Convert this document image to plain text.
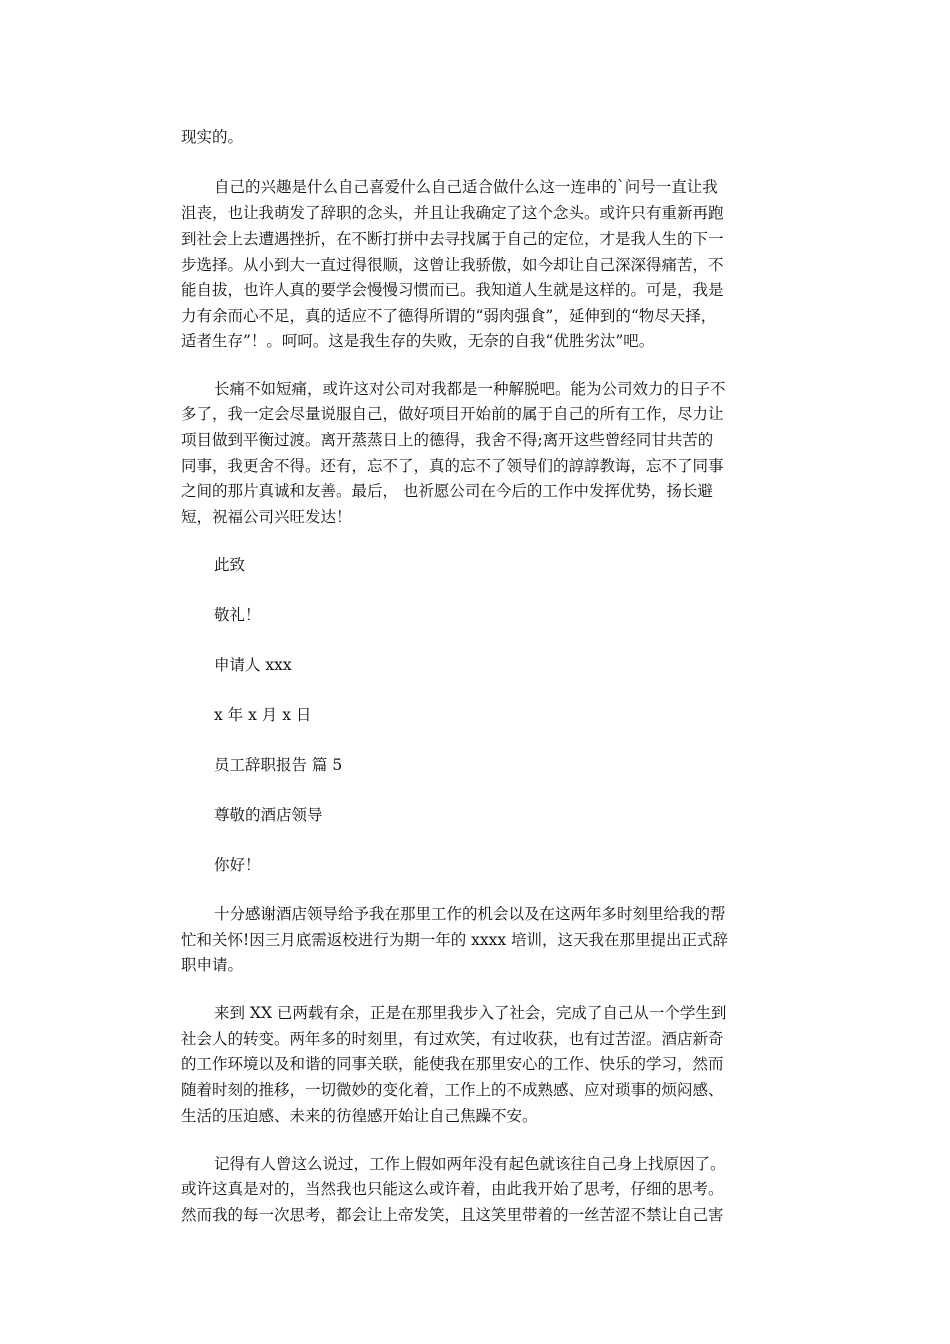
现实的。
自己的兴趣是什么自己喜爱什么自己适合做什么这一连串的`问号一直让我
沮丧，也让我萌发了辞职的念头，并且让我确定了这个念头。或许只有重新再跑
到社会上去遭遇挫折，在不断打拼中去寻找属于自己的定位，才是我人生的下一
步选择。从小到大一直过得很顺，这曾让我骄傲，如今却让自己深深得痛苦，不
能自拔，也许人真的要学会慢慢习惯而已。我知道人生就是这样的。可是，我是
力有余而心不足，真的适应不了德得所谓的“弱肉强食”，延伸到的“物尽天择，
适者生存”！。呵呵。这是我生存的失败，无奈的自我“优胜劣汰”吧。
长痛不如短痛，或许这对公司对我都是一种解脱吧。能为公司效力的日子不
多了，我一定会尽量说服自己，做好项目开始前的属于自己的所有工作，尽力让
项目做到平衡过渡。离开蒸蒸日上的德得，我舍不得;离开这些曾经同甘共苦的
同事，我更舍不得。还有，忘不了，真的忘不了领导们的諄諄教诲，忘不了同事
之间的那片真诚和友善。最后， 也祈愿公司在今后的工作中发挥优势，扬长避
短，祝福公司兴旺发达！
此致
敬礼！
申请人 xxx
x 年 x 月 x 日
员工辞职报告 篇 5
尊敬的酒店领导
你好！
十分感谢酒店领导给予我在那里工作的机会以及在这两年多时刻里给我的帮
忙和关怀!因三月底需返校进行为期一年的 xxxx 培训，这天我在那里提出正式辞
职申请。
来到 XX 已两载有余，正是在那里我步入了社会，完成了自己从一个学生到
社会人的转变。两年多的时刻里，有过欢笑，有过收获，也有过苦涩。酒店新奇
的工作环境以及和谐的同事关联，能使我在那里安心的工作、快乐的学习，然而
随着时刻的推移，一切微妙的变化着，工作上的不成熟感、应对琐事的烦闷感、
生活的压迫感、未来的彷徨感开始让自己焦躁不安。
记得有人曾这么说过，工作上假如两年没有起色就该往自己身上找原因了。
或许这真是对的，当然我也只能这么或许着，由此我开始了思考，仔细的思考。
然而我的每一次思考，都会让上帝发笑，且这笑里带着的一丝苦涩不禁让自己害
